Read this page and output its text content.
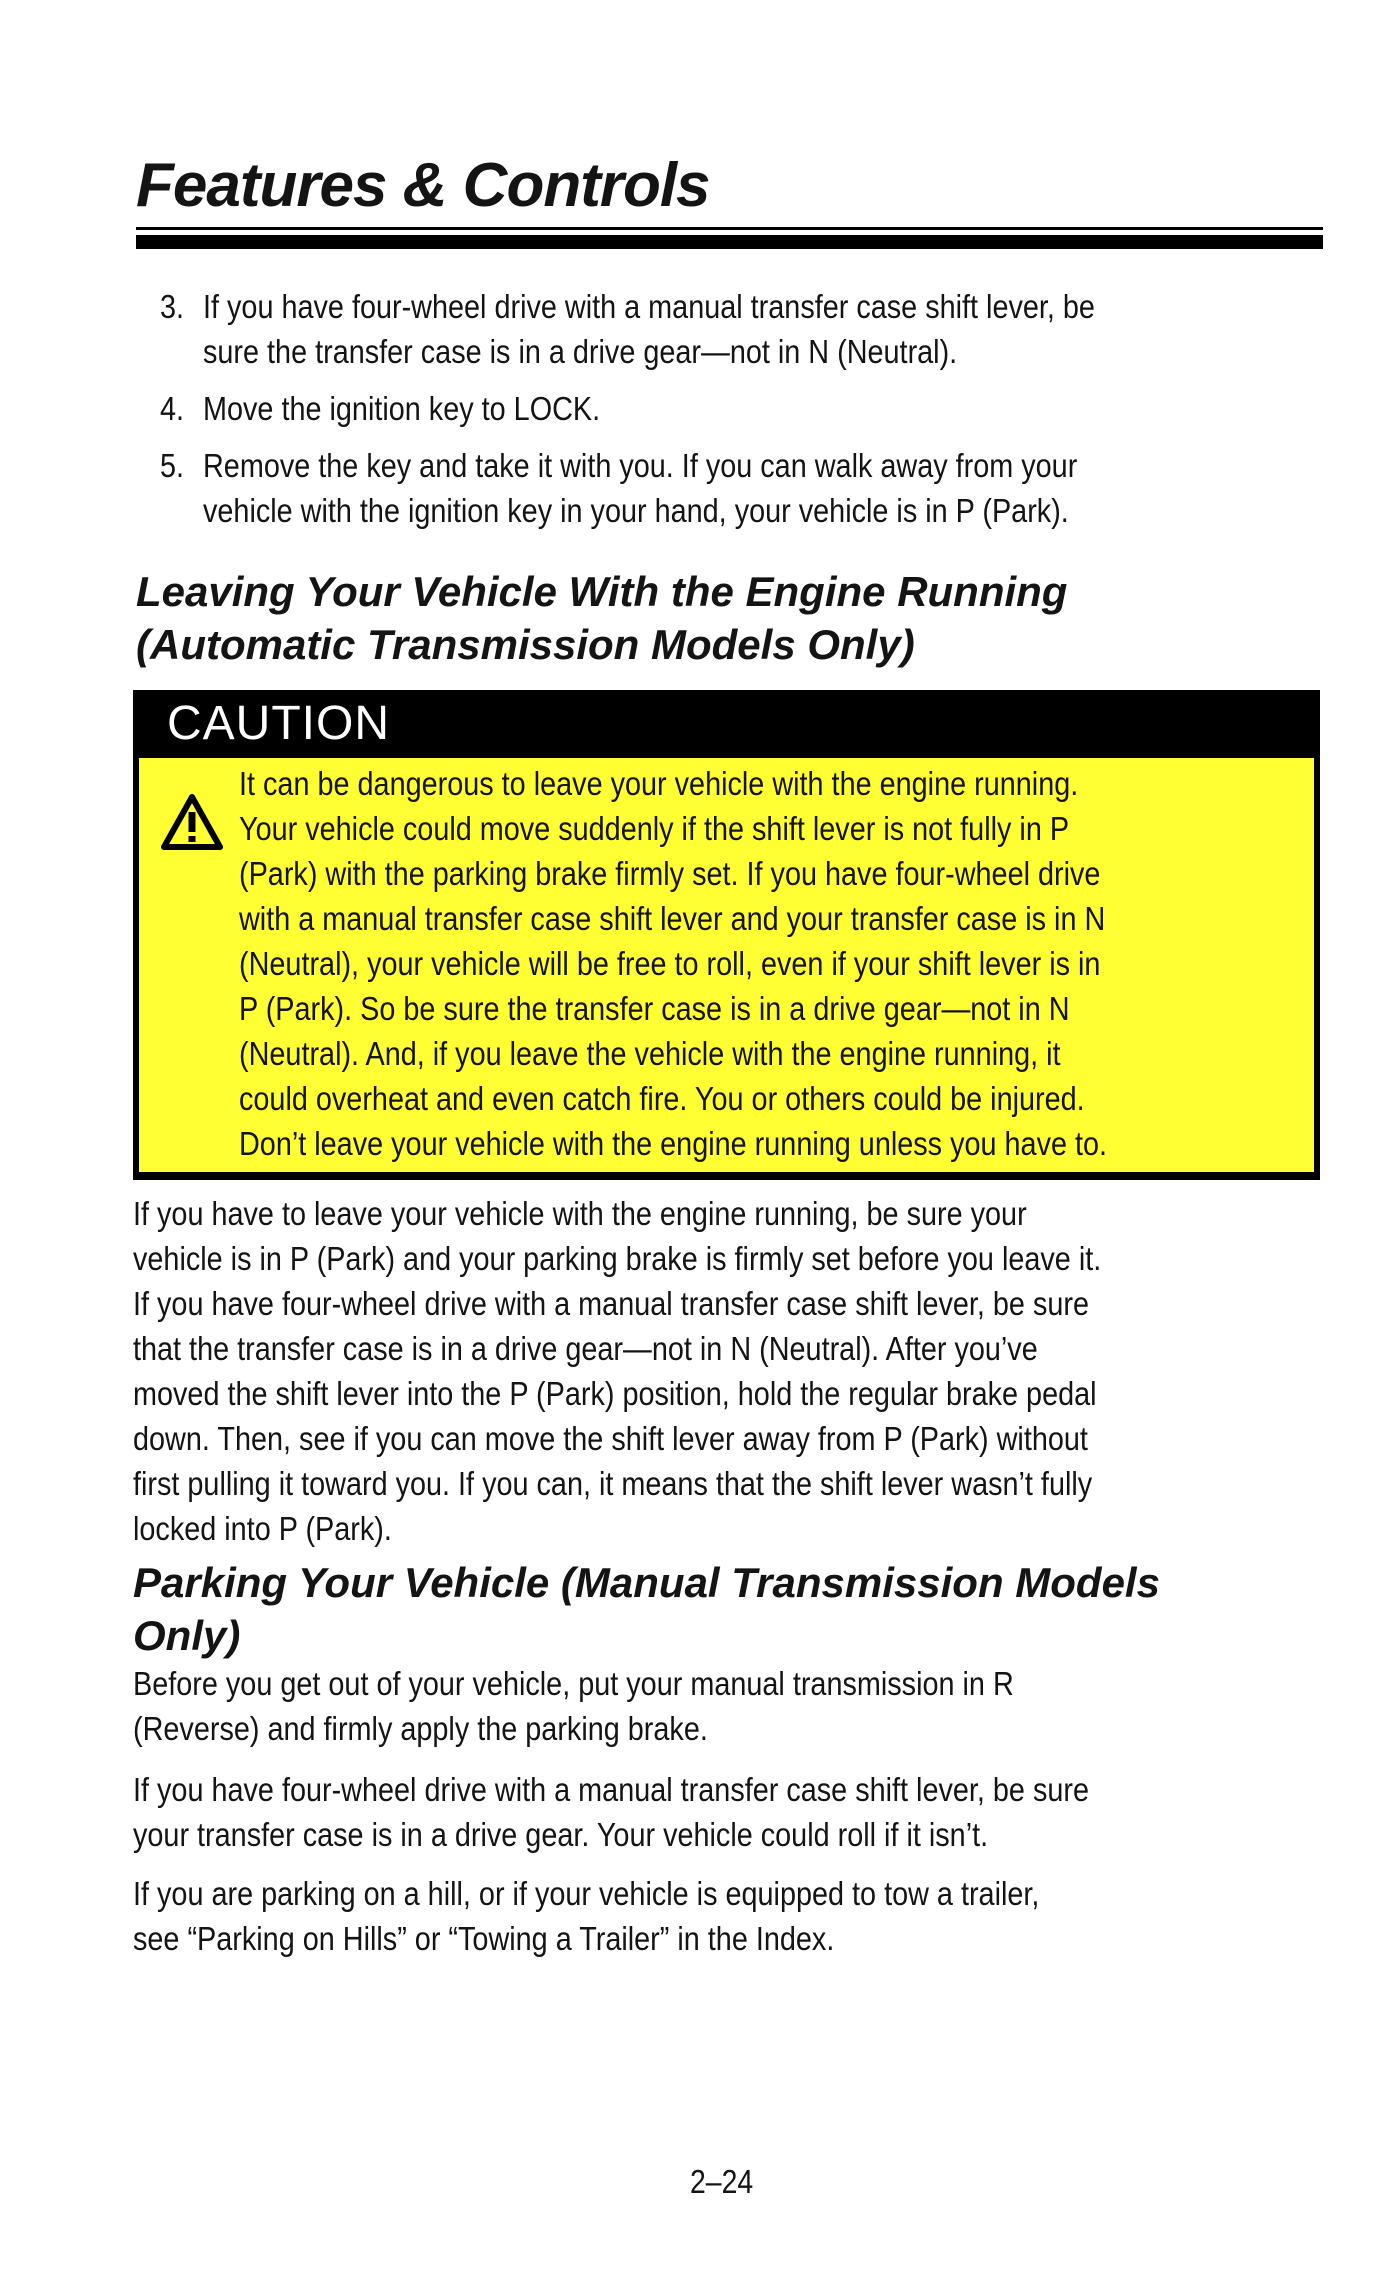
Features & Controls
3. If you have four-wheel drive with a manual transfer case shift lever, be
sure the transfer case is in a drive gear—not in N (Neutral).
4. Move the ignition key to LOCK.
5. Remove the key and take it with you. If you can walk away from your
vehicle with the ignition key in your hand, your vehicle is in P (Park).
Leaving Your Vehicle With the Engine Running
(Automatic Transmission Models Only)
CAUTION
It can be dangerous to leave your vehicle with the engine running.
Your vehicle could move suddenly if the shift lever is not fully in P
(Park) with the parking brake firmly set. If you have four-wheel drive
with a manual transfer case shift lever and your transfer case is in N
(Neutral), your vehicle will be free to roll, even if your shift lever is in
P (Park). So be sure the transfer case is in a drive gear—not in N
(Neutral). And, if you leave the vehicle with the engine running, it
could overheat and even catch fire. You or others could be injured.
Don’t leave your vehicle with the engine running unless you have to.
If you have to leave your vehicle with the engine running, be sure your
vehicle is in P (Park) and your parking brake is firmly set before you leave it.
If you have four-wheel drive with a manual transfer case shift lever, be sure
that the transfer case is in a drive gear—not in N (Neutral). After you’ve
moved the shift lever into the P (Park) position, hold the regular brake pedal
down. Then, see if you can move the shift lever away from P (Park) without
first pulling it toward you. If you can, it means that the shift lever wasn’t fully
locked into P (Park).
Parking Your Vehicle (Manual Transmission Models
Only)
Before you get out of your vehicle, put your manual transmission in R
(Reverse) and firmly apply the parking brake.
If you have four-wheel drive with a manual transfer case shift lever, be sure
your transfer case is in a drive gear. Your vehicle could roll if it isn’t.
If you are parking on a hill, or if your vehicle is equipped to tow a trailer,
see “Parking on Hills” or “Towing a Trailer” in the Index.
2–24
